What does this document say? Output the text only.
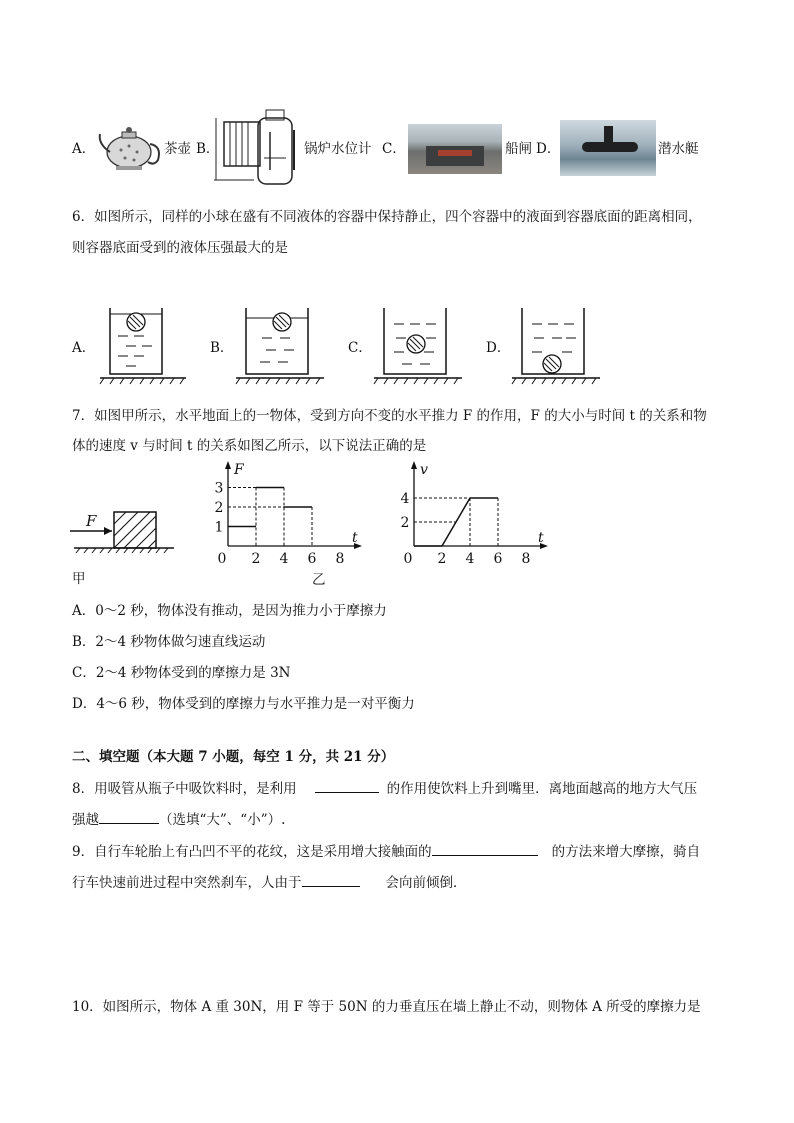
A．	茶壶 B．	锅炉水位计 C．	船闸 D．	潜水艇
6．如图所示，同样的小球在盛有不同液体的容器中保持静止，四个容器中的液面到容器底面的距离相同，
则容器底面受到的液体压强最大的是
A．	B．	C．	D．
7．如图甲所示，水平地面上的一物体，受到方向不变的水平推力 F 的作用，F 的大小与时间 t 的关系和物
体的速度 v 与时间 t 的关系如图乙所示，以下说法正确的是
F
甲	乙
F
t
0 2 4 6 8
1
2
3
v
t
0 2 4 6 8
2
4
A．0～2 秒，物体没有推动，是因为推力小于摩擦力
B．2～4 秒物体做匀速直线运动
C．2～4 秒物体受到的摩擦力是 3N
D．4～6 秒，物体受到的摩擦力与水平推力是一对平衡力
二、填空题（本大题 7 小题，每空 1 分，共 21 分）
8．用吸管从瓶子中吸饮料时，是利用	的作用使饮料上升到嘴里．离地面越高的地方大气压
强越	（选填“大”、“小”）.
9．自行车轮胎上有凸凹不平的花纹，这是采用增大接触面的	的方法来增大摩擦，骑自
行车快速前进过程中突然刹车，人由于	会向前倾倒．
10．如图所示，物体 A 重 30N，用 F 等于 50N 的力垂直压在墙上静止不动，则物体 A 所受的摩擦力是
